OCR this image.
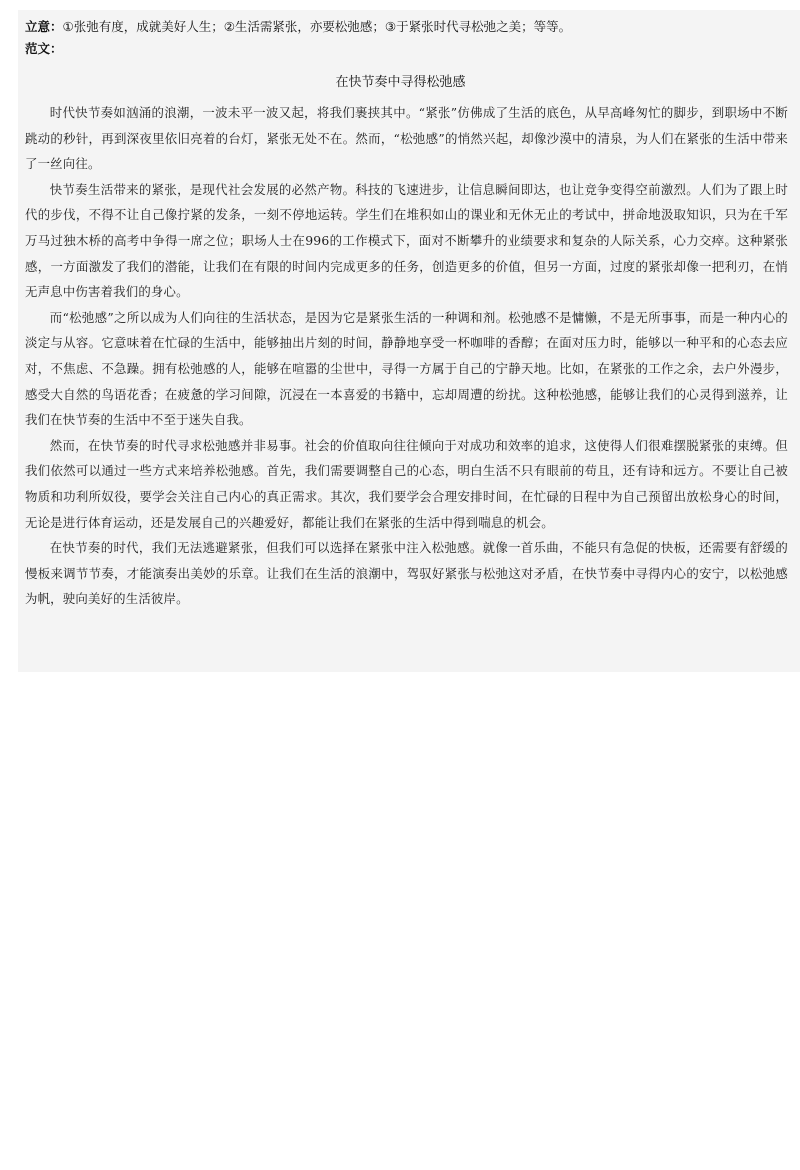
立意：①张弛有度，成就美好人生；②生活需紧张，亦要松弛感；③于紧张时代寻松弛之美；等等。
范文：
在快节奏中寻得松弛感

时代快节奏如汹涌的浪潮，一波未平一波又起，将我们裹挟其中。“紧张”仿佛成了生活的底色，从早高峰匆忙的脚步，到职场中不断跳动的秒针，再到深夜里依旧亮着的台灯，紧张无处不在。然而，“松弛感”的悄然兴起，却像沙漠中的清泉，为人们在紧张的生活中带来了一丝向往。

快节奏生活带来的紧张，是现代社会发展的必然产物。科技的飞速进步，让信息瞬间即达，也让竞争变得空前激烈。人们为了跟上时代的步伐，不得不让自己像拧紧的发条，一刻不停地运转。学生们在堆积如山的课业和无休无止的考试中，拼命地汲取知识，只为在千军万马过独木桥的高考中争得一席之位；职场人士在996的工作模式下，面对不断攀升的业绩要求和复杂的人际关系，心力交瘁。这种紧张感，一方面激发了我们的潜能，让我们在有限的时间内完成更多的任务，创造更多的价值，但另一方面，过度的紧张却像一把利刃，在悄无声息中伤害着我们的身心。

而“松弛感”之所以成为人们向往的生活状态，是因为它是紧张生活的一种调和剂。松弛感不是慵懒，不是无所事事，而是一种内心的淡定与从容。它意味着在忙碌的生活中，能够抽出片刻的时间，静静地享受一杯咖啡的香醇；在面对压力时，能够以一种平和的心态去应对，不焦虑、不急躁。拥有松弛感的人，能够在喧嚣的尘世中，寻得一方属于自己的宁静天地。比如，在紧张的工作之余，去户外漫步，感受大自然的鸟语花香；在疲惫的学习间隙，沉浸在一本喜爱的书籍中，忘却周遭的纷扰。这种松弛感，能够让我们的心灵得到滋养，让我们在快节奏的生活中不至于迷失自我。

然而，在快节奏的时代寻求松弛感并非易事。社会的价值取向往往倾向于对成功和效率的追求，这使得人们很难摆脱紧张的束缚。但我们依然可以通过一些方式来培养松弛感。首先，我们需要调整自己的心态，明白生活不只有眼前的苟且，还有诗和远方。不要让自己被物质和功利所奴役，要学会关注自己内心的真正需求。其次，我们要学会合理安排时间，在忙碌的日程中为自己预留出放松身心的时间，无论是进行体育运动，还是发展自己的兴趣爱好，都能让我们在紧张的生活中得到喘息的机会。

在快节奏的时代，我们无法逃避紧张，但我们可以选择在紧张中注入松弛感。就像一首乐曲，不能只有急促的快板，还需要有舒缓的慢板来调节节奏，才能演奏出美妙的乐章。让我们在生活的浪潮中，驾驭好紧张与松弛这对矛盾，在快节奏中寻得内心的安宁，以松弛感为帆，驶向美好的生活彼岸。
